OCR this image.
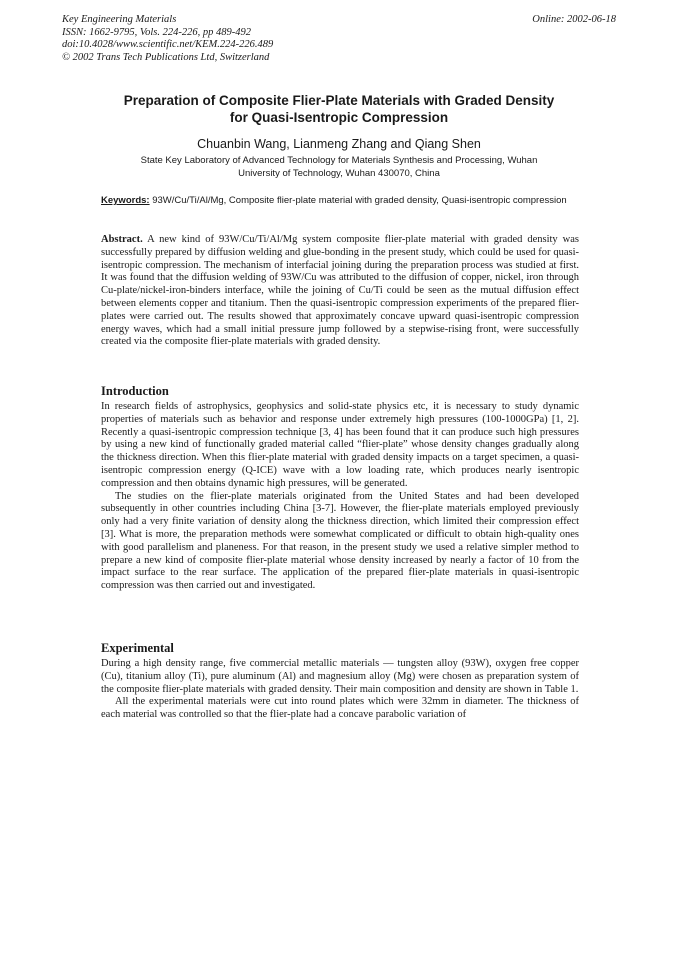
Key Engineering Materials
ISSN: 1662-9795, Vols. 224-226, pp 489-492
doi:10.4028/www.scientific.net/KEM.224-226.489
© 2002 Trans Tech Publications Ltd, Switzerland
Online: 2002-06-18
Preparation of Composite Flier-Plate Materials with Graded Density
for Quasi-Isentropic Compression
Chuanbin Wang, Lianmeng Zhang and Qiang Shen
State Key Laboratory of Advanced Technology for Materials Synthesis and Processing, Wuhan
University of Technology, Wuhan 430070, China
Keywords: 93W/Cu/Ti/Al/Mg, Composite flier-plate material with graded density, Quasi-isentropic compression

Abstract. A new kind of 93W/Cu/Ti/Al/Mg system composite flier-plate material with graded density was successfully prepared by diffusion welding and glue-bonding in the present study, which could be used for quasi-isentropic compression. The mechanism of interfacial joining during the preparation process was studied at first. It was found that the diffusion welding of 93W/Cu was attributed to the diffusion of copper, nickel, iron through Cu-plate/nickel-iron-binders interface, while the joining of Cu/Ti could be seen as the mutual diffusion effect between elements copper and titanium. Then the quasi-isentropic compression experiments of the prepared flier-plates were carried out. The results showed that approximately concave upward quasi-isentropic compression energy waves, which had a small initial pressure jump followed by a stepwise-rising front, were successfully created via the composite flier-plate materials with graded density.

Introduction

In research fields of astrophysics, geophysics and solid-state physics etc, it is necessary to study dynamic properties of materials such as behavior and response under extremely high pressures (100-1000GPa) [1, 2]. Recently a quasi-isentropic compression technique [3, 4] has been found that it can produce such high pressures by using a new kind of functionally graded material called “flier-plate” whose density changes gradually along the thickness direction. When this flier-plate material with graded density impacts on a target specimen, a quasi-isentropic compression energy (Q-ICE) wave with a low loading rate, which produces nearly isentropic compression and then obtains dynamic high pressures, will be generated.

The studies on the flier-plate materials originated from the United States and had been developed subsequently in other countries including China [3-7]. However, the flier-plate materials employed previously only had a very finite variation of density along the thickness direction, which limited their compression effect [3]. What is more, the preparation methods were somewhat complicated or difficult to obtain high-quality ones with good parallelism and planeness. For that reason, in the present study we used a relative simpler method to prepare a new kind of composite flier-plate material whose density increased by nearly a factor of 10 from the impact surface to the rear surface. The application of the prepared flier-plate materials in quasi-isentropic compression was then carried out and investigated.

Experimental

During a high density range, five commercial metallic materials — tungsten alloy (93W), oxygen free copper (Cu), titanium alloy (Ti), pure aluminum (Al) and magnesium alloy (Mg) were chosen as preparation system of the composite flier-plate materials with graded density. Their main composition and density are shown in Table 1.

All the experimental materials were cut into round plates which were 32mm in diameter. The thickness of each material was controlled so that the flier-plate had a concave parabolic variation of
